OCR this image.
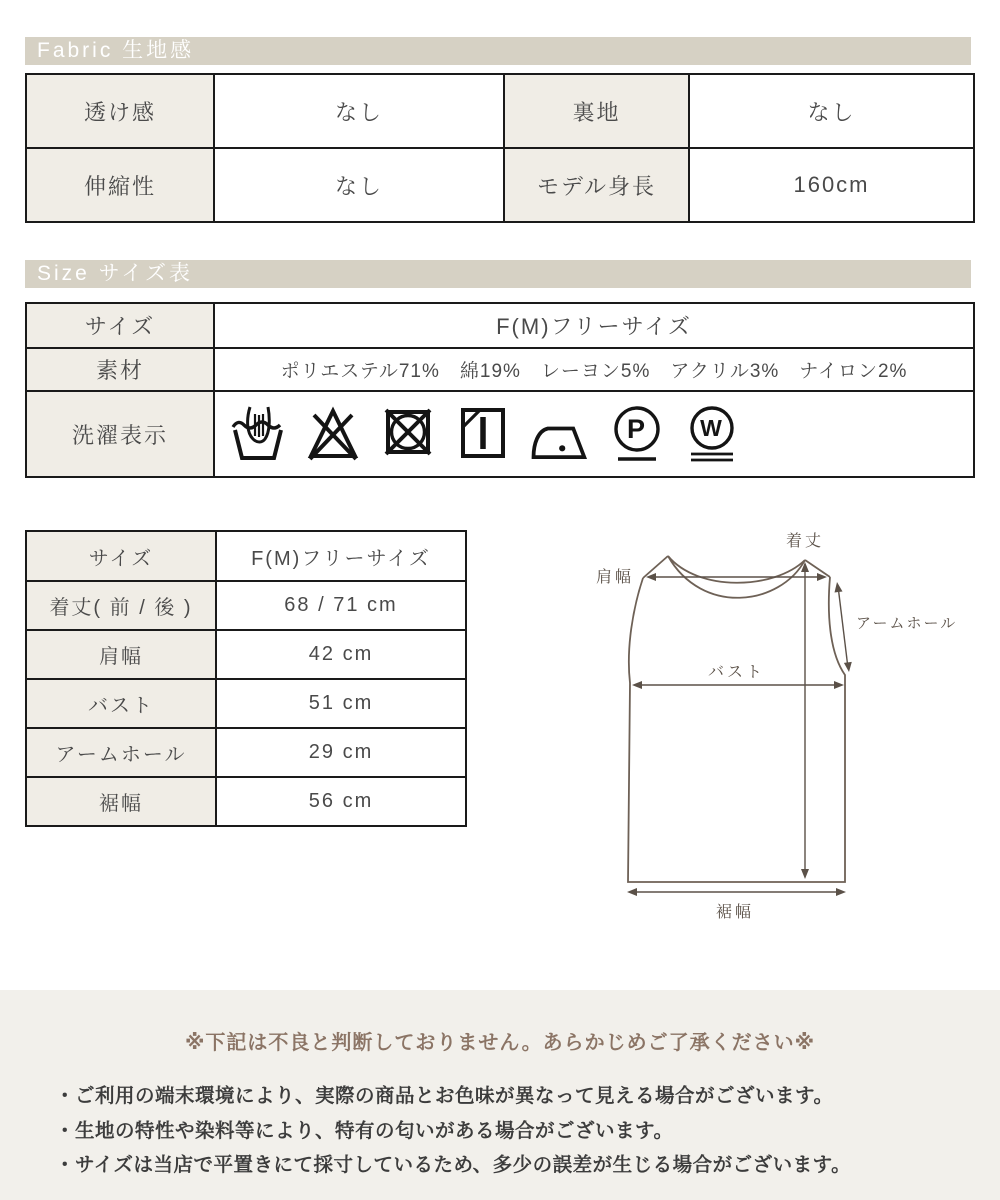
Fabric 生地感
透け感	なし	裏地	なし
伸縮性	なし	モデル身長	160cm
Size サイズ表
サイズ	F(M)フリーサイズ
素材	ポリエステル71%　綿19%　レーヨン5%　アクリル3%　ナイロン2%
洗濯表示	P W
サイズ	F(M)フリーサイズ
着丈( 前 / 後 )	68 / 71 cm
肩幅	42 cm
バスト	51 cm
アームホール	29 cm
裾幅	56 cm
肩幅
着丈
アームホール
バスト
裾幅
※下記は不良と判断しておりません。あらかじめご了承ください※
・ご利用の端末環境により、実際の商品とお色味が異なって見える場合がございます。
・生地の特性や染料等により、特有の匂いがある場合がございます。
・サイズは当店で平置きにて採寸しているため、多少の誤差が生じる場合がございます。
